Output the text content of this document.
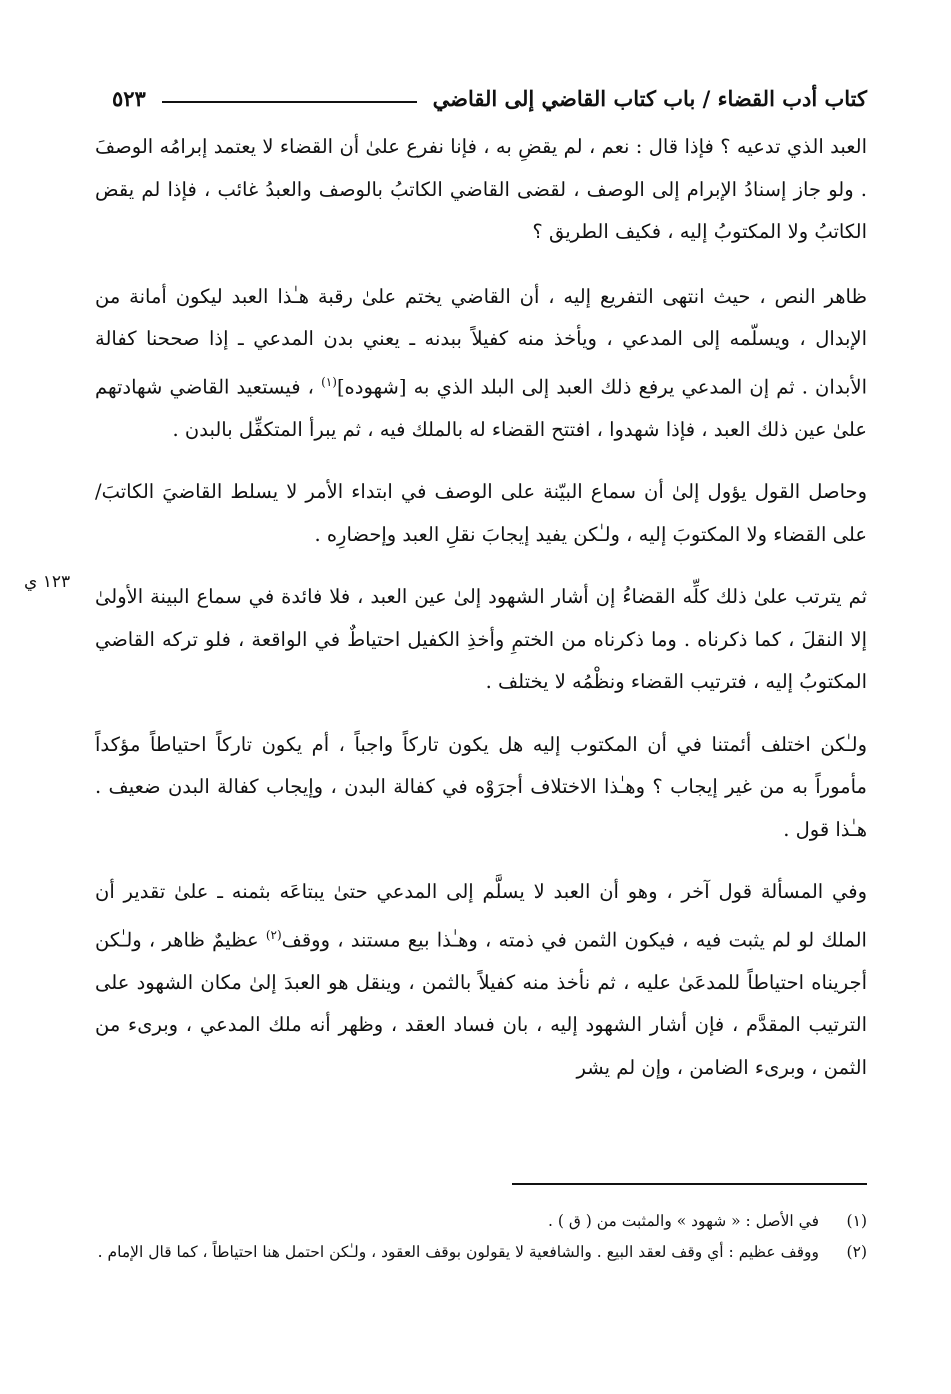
كتاب أدب القضاء / باب كتاب القاضي إلى القاضي
٥٢٣
١٢٣ ي

العبد الذي تدعيه ؟ فإذا قال : نعم ، لم يقضِ به ، فإنا نفرع علىٰ أن القضاء لا يعتمد إبرامُه الوصفَ . ولو جاز إسنادُ الإبرام إلى الوصف ، لقضى القاضي الكاتبُ بالوصف والعبدُ غائب ، فإذا لم يقض الكاتبُ ولا المكتوبُ إليه ، فكيف الطريق ؟

ظاهر النص ، حيث انتهى التفريع إليه ، أن القاضي يختم علىٰ رقبة هـٰذا العبد ليكون أمانة من الإبدال ، ويسلّمه إلى المدعي ، ويأخذ منه كفيلاً ببدنه ـ يعني بدن المدعي ـ إذا صححنا كفالة الأبدان . ثم إن المدعي يرفع ذلك العبد إلى البلد الذي به [شهوده]$^{(١)}$ ، فيستعيد القاضي شهادتهم علىٰ عين ذلك العبد ، فإذا شهدوا ، افتتح القضاء له بالملك فيه ، ثم يبرأ المتكفِّل بالبدن .

وحاصل القول يؤول إلىٰ أن سماع البيّنة على الوصف في ابتداء الأمر لا يسلط القاضيَ الكاتبَ/ على القضاء ولا المكتوبَ إليه ، ولـٰكن يفيد إيجابَ نقلِ العبد وإحضارِه .

ثم يترتب علىٰ ذلك كلِّه القضاءُ إن أشار الشهود إلىٰ عين العبد ، فلا فائدة في سماع البينة الأولىٰ إلا النقلَ ، كما ذكرناه . وما ذكرناه من الختمِ وأخذِ الكفيل احتياطٌ في الواقعة ، فلو تركه القاضي المكتوبُ إليه ، فترتيب القضاء ونظْمُه لا يختلف .

ولـٰكن اختلف أئمتنا في أن المكتوب إليه هل يكون تاركاً واجباً ، أم يكون تاركاً احتياطاً مؤكداً مأموراً به من غير إيجاب ؟ وهـٰذا الاختلاف أجرَوْه في كفالة البدن ، وإيجاب كفالة البدن ضعيف . هـٰذا قول .

وفي المسألة قول آخر ، وهو أن العبد لا يسلَّم إلى المدعي حتىٰ يبتاعَه بثمنه ـ علىٰ تقدير أن الملك لو لم يثبت فيه ، فيكون الثمن في ذمته ، وهـٰذا بيع مستند ، ووقف$^{(٢)}$ عظيمٌ ظاهر ، ولـٰكن أجريناه احتياطاً للمدعَىٰ عليه ، ثم نأخذ منه كفيلاً بالثمن ، وينقل هو العبدَ إلىٰ مكان الشهود على الترتيب المقدَّم ، فإن أشار الشهود إليه ، بان فساد العقد ، وظهر أنه ملك المدعي ، وبرىء من الثمن ، وبرىء الضامن ، وإن لم يشر

(١)
في الأصل : « شهود » والمثبت من ( ق ) .
(٢)
ووقف عظيم : أي وقف لعقد البيع . والشافعية لا يقولون بوقف العقود ، ولـٰكن احتمل هنا احتياطاً ، كما قال الإمام .
